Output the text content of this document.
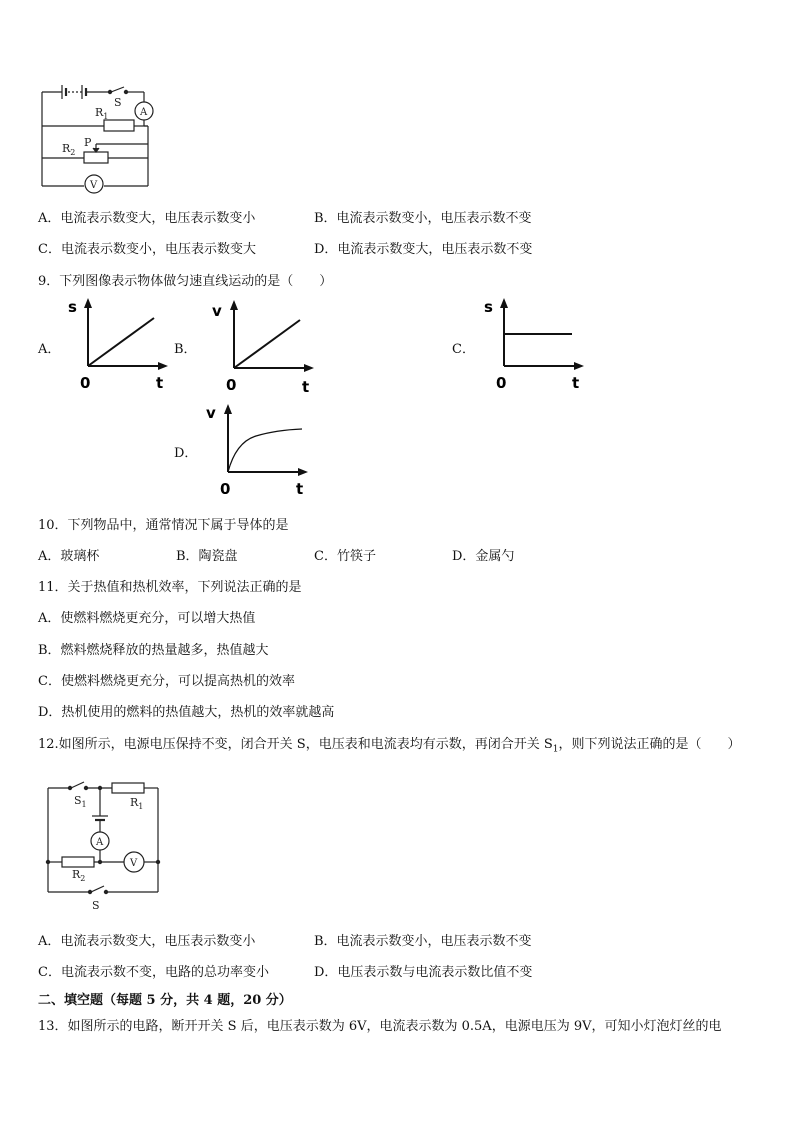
$R_1$
S
A
$R_2$
P
V
A．电流表示数变大，电压表示数变小	B．电流表示数变小，电压表示数不变
C．电流表示数变小，电压表示数变大	D．电流表示数变大，电压表示数不变
9．下列图像表示物体做匀速直线运动的是（　　）
A．
s
0	t
B．
v
0	t
C．
s
0	t
D．
v
0	t
10．下列物品中，通常情况下属于导体的是
A．玻璃杯	B．陶瓷盘	C．竹筷子	D．金属勺
11．关于热值和热机效率，下列说法正确的是
A．使燃料燃烧更充分，可以增大热值
B．燃料燃烧释放的热量越多，热值越大
C．使燃料燃烧更充分，可以提高热机的效率
D．热机使用的燃料的热值越大，热机的效率就越高
12.如图所示，电源电压保持不变，闭合开关 S，电压表和电流表均有示数，再闭合开关 $S_1$，则下列说法正确的是（　　）
$S_1$	$R_1$
A
V
$R_2$
S
A．电流表示数变大，电压表示数变小	B．电流表示数变小，电压表示数不变
C．电流表示数不变，电路的总功率变小	D．电压表示数与电流表示数比值不变
二、填空题（每题 5 分，共 4 题，20 分）
13．如图所示的电路，断开开关 S 后，电压表示数为 6V，电流表示数为 0.5A，电源电压为 9V，可知小灯泡灯丝的电
